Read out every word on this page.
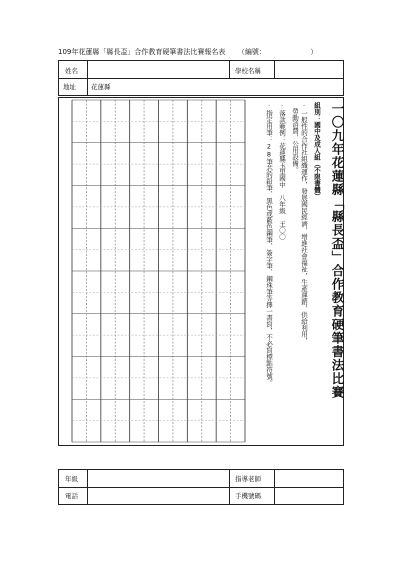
109年花蓮縣「縣長盃」合作教育硬筆書法比賽報名表 （編號：	）
姓名	學校名稱
地址 花蓮縣
一〇九年花蓮縣「縣長盃」合作教育硬筆書法比賽
組別：國中及成人組（不限書體）
‧一般性的合作社組織運作，發展國民經濟，增進社會福祉，生產運銷，供給利用，
勞動消費，公用設備。
‧落款範例：花蓮縣玉里國中　八年級　王〇〇
‧指定用筆：28筆芯的鉛筆、黑色或藍色鋼筆、簽字筆、鋼珠筆等擇一書寫，不必寫標點符號。
年級	指導老師
電話	手機號碼
